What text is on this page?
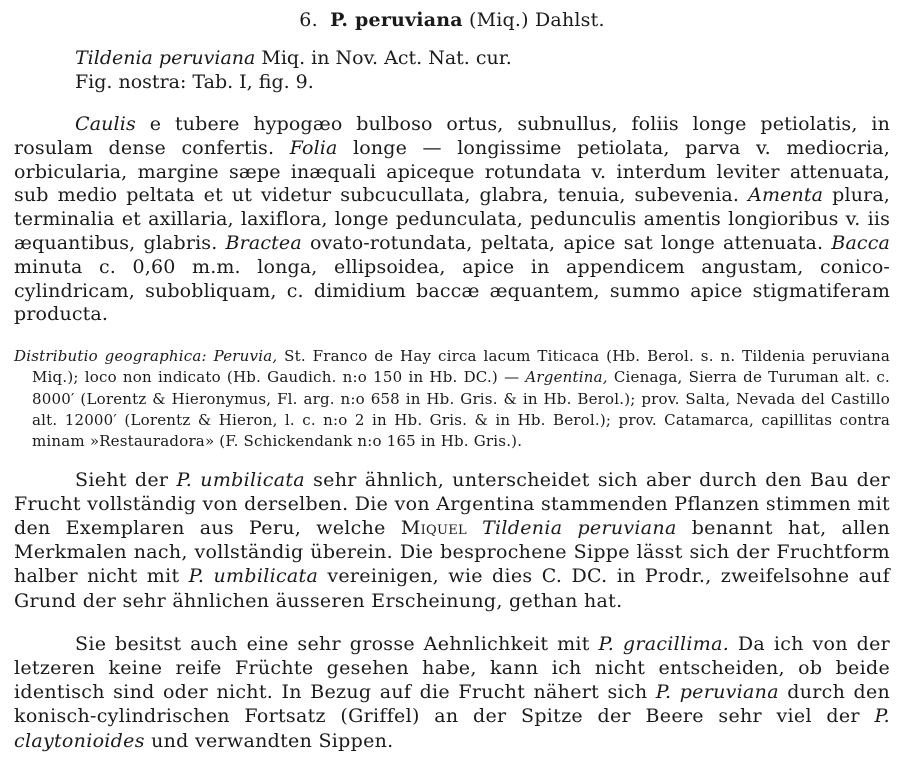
6. P. peruviana (Miq.) Dahlst.
Tildenia peruviana Miq. in Nov. Act. Nat. cur.
Fig. nostra: Tab. I, fig. 9.

Caulis e tubere hypogæo bulboso ortus, subnullus, foliis longe petiolatis, in rosulam dense confertis. Folia longe — longissime petiolata, parva v. mediocria, orbicularia, margine sæpe inæquali apiceque rotundata v. interdum leviter attenuata, sub medio peltata et ut videtur subcucullata, glabra, tenuia, subevenia. Amenta plura, terminalia et axillaria, laxiflora, longe pedunculata, pedunculis amentis longioribus v. iis æquantibus, glabris. Bractea ovato-rotundata, peltata, apice sat longe attenuata. Bacca minuta c. 0,60 m.m. longa, ellipsoidea, apice in appendicem angustam, conico-cylindricam, subobliquam, c. dimidium baccæ æquantem, summo apice stigmatiferam producta.

Distributio geographica: Peruvia, St. Franco de Hay circa lacum Titicaca (Hb. Berol. s. n. Tildenia peruviana Miq.); loco non indicato (Hb. Gaudich. n:o 150 in Hb. DC.) — Argentina, Cienaga, Sierra de Turuman alt. c. 8000′ (Lorentz & Hieronymus, Fl. arg. n:o 658 in Hb. Gris. & in Hb. Berol.); prov. Salta, Nevada del Castillo alt. 12000′ (Lorentz & Hieron, l. c. n:o 2 in Hb. Gris. & in Hb. Berol.); prov. Catamarca, capillitas contra minam »Restauradora» (F. Schickendank n:o 165 in Hb. Gris.).

Sieht der P. umbilicata sehr ähnlich, unterscheidet sich aber durch den Bau der Frucht vollständig von derselben. Die von Argentina stammenden Pflanzen stimmen mit den Exemplaren aus Peru, welche Miquel Tildenia peruviana benannt hat, allen Merkmalen nach, vollständig überein. Die besprochene Sippe lässt sich der Fruchtform halber nicht mit P. umbilicata vereinigen, wie dies C. DC. in Prodr., zweifelsohne auf Grund der sehr ähnlichen äusseren Erscheinung, gethan hat.

Sie besitst auch eine sehr grosse Aehnlichkeit mit P. gracillima. Da ich von der letzeren keine reife Früchte gesehen habe, kann ich nicht entscheiden, ob beide identisch sind oder nicht. In Bezug auf die Frucht nähert sich P. peruviana durch den konisch-cylindrischen Fortsatz (Griffel) an der Spitze der Beere sehr viel der P. claytonioides und verwandten Sippen.
